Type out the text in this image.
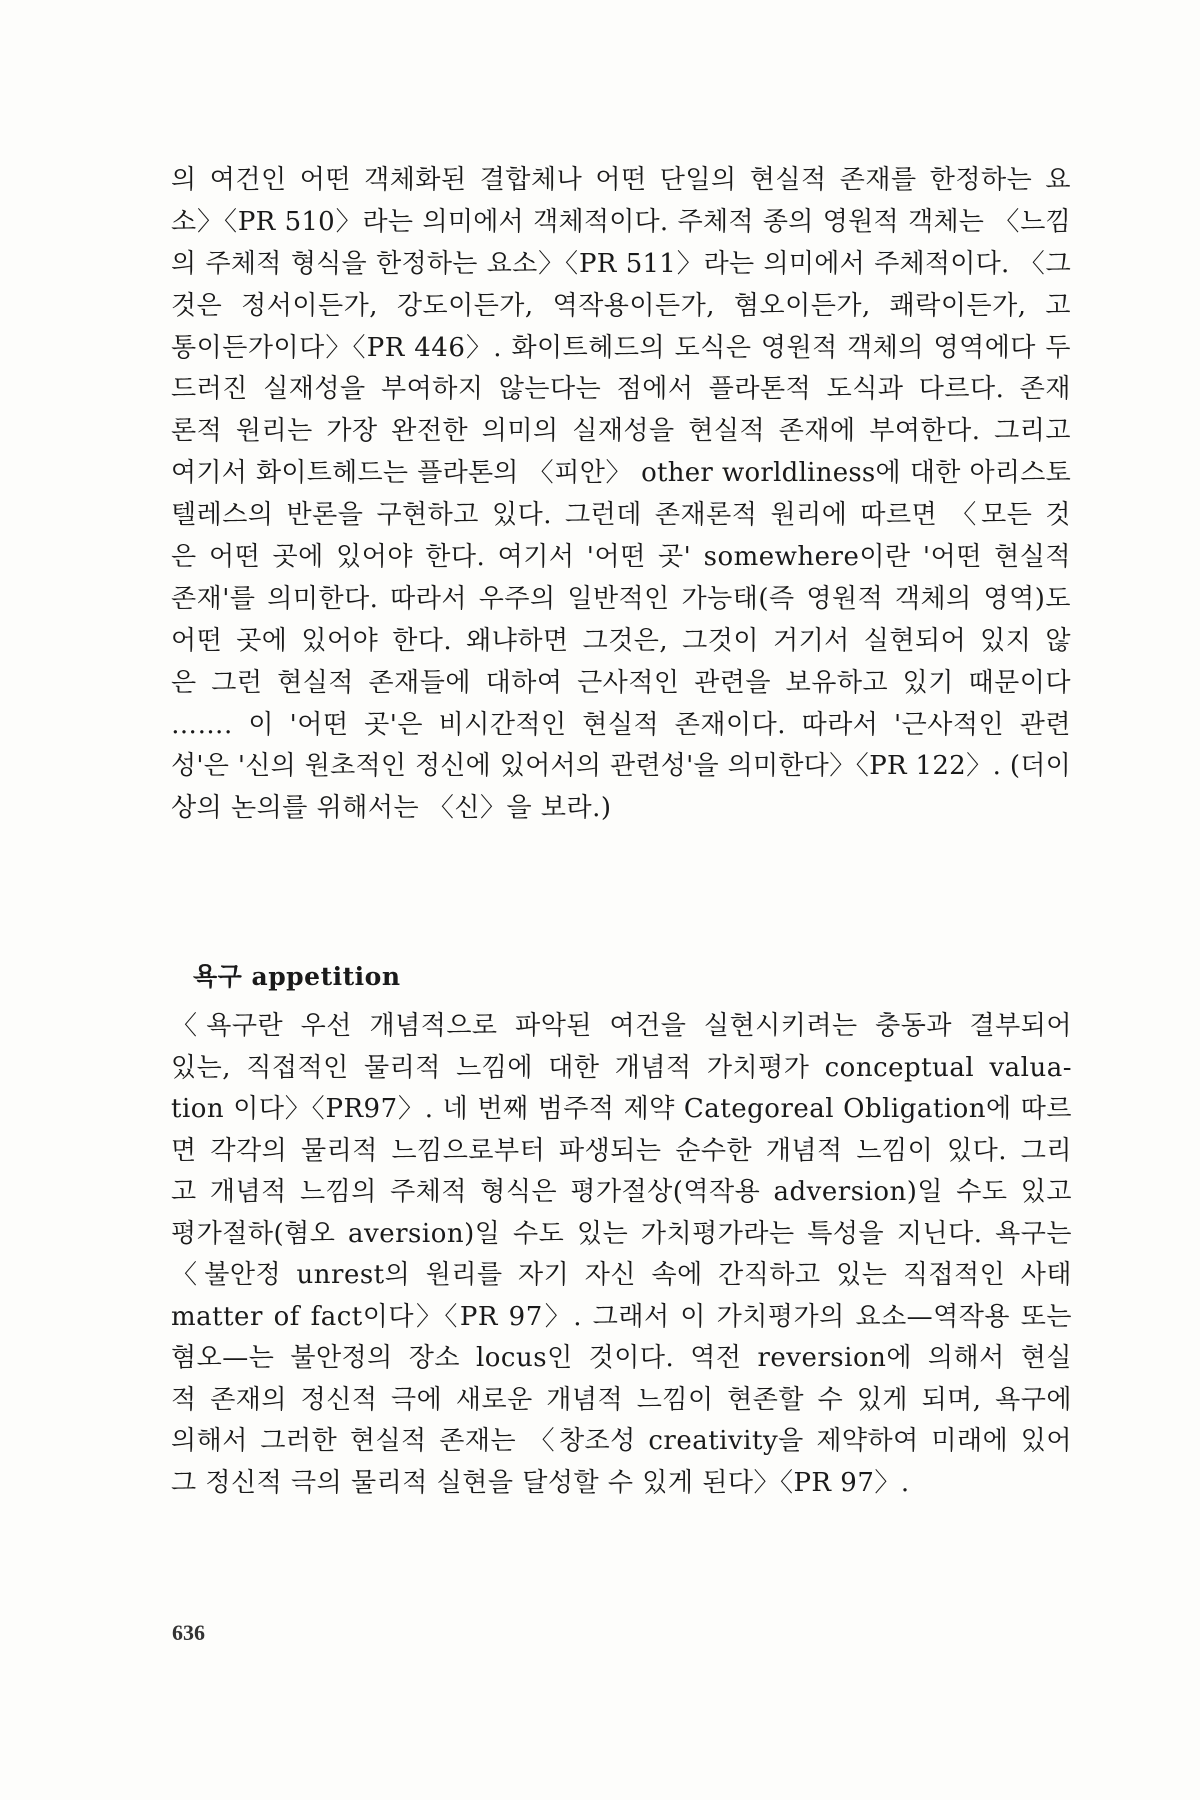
의 여건인 어떤 객체화된 결합체나 어떤 단일의 현실적 존재를 한정하는 요
소〉〈PR 510〉라는 의미에서 객체적이다. 주체적 종의 영원적 객체는 〈느낌
의 주체적 형식을 한정하는 요소〉〈PR 511〉라는 의미에서 주체적이다. 〈그
것은 정서이든가, 강도이든가, 역작용이든가, 혐오이든가, 쾌락이든가, 고
통이든가이다〉〈PR 446〉. 화이트헤드의 도식은 영원적 객체의 영역에다 두
드러진 실재성을 부여하지 않는다는 점에서 플라톤적 도식과 다르다. 존재
론적 원리는 가장 완전한 의미의 실재성을 현실적 존재에 부여한다. 그리고
여기서 화이트헤드는 플라톤의 〈피안〉 other worldliness에 대한 아리스토
텔레스의 반론을 구현하고 있다. 그런데 존재론적 원리에 따르면 〈모든 것
은 어떤 곳에 있어야 한다. 여기서 '어떤 곳' somewhere이란 '어떤 현실적
존재'를 의미한다. 따라서 우주의 일반적인 가능태(즉 영원적 객체의 영역)도
어떤 곳에 있어야 한다. 왜냐하면 그것은, 그것이 거기서 실현되어 있지 않
은 그런 현실적 존재들에 대하여 근사적인 관련을 보유하고 있기 때문이다
……. 이 '어떤 곳'은 비시간적인 현실적 존재이다. 따라서 '근사적인 관련
성'은 '신의 원초적인 정신에 있어서의 관련성'을 의미한다〉〈PR 122〉. (더이
상의 논의를 위해서는 〈신〉을 보라.)
욕구 appetition
〈욕구란 우선 개념적으로 파악된 여건을 실현시키려는 충동과 결부되어
있는, 직접적인 물리적 느낌에 대한 개념적 가치평가 conceptual valua-
tion 이다〉〈PR97〉. 네 번째 범주적 제약 Categoreal Obligation에 따르
면 각각의 물리적 느낌으로부터 파생되는 순수한 개념적 느낌이 있다. 그리
고 개념적 느낌의 주체적 형식은 평가절상(역작용 adversion)일 수도 있고
평가절하(혐오 aversion)일 수도 있는 가치평가라는 특성을 지닌다. 욕구는
〈불안정 unrest의 원리를 자기 자신 속에 간직하고 있는 직접적인 사태
matter of fact이다〉〈PR 97〉. 그래서 이 가치평가의 요소—역작용 또는
혐오—는 불안정의 장소 locus인 것이다. 역전 reversion에 의해서 현실
적 존재의 정신적 극에 새로운 개념적 느낌이 현존할 수 있게 되며, 욕구에
의해서 그러한 현실적 존재는 〈창조성 creativity을 제약하여 미래에 있어
그 정신적 극의 물리적 실현을 달성할 수 있게 된다〉〈PR 97〉.
636
